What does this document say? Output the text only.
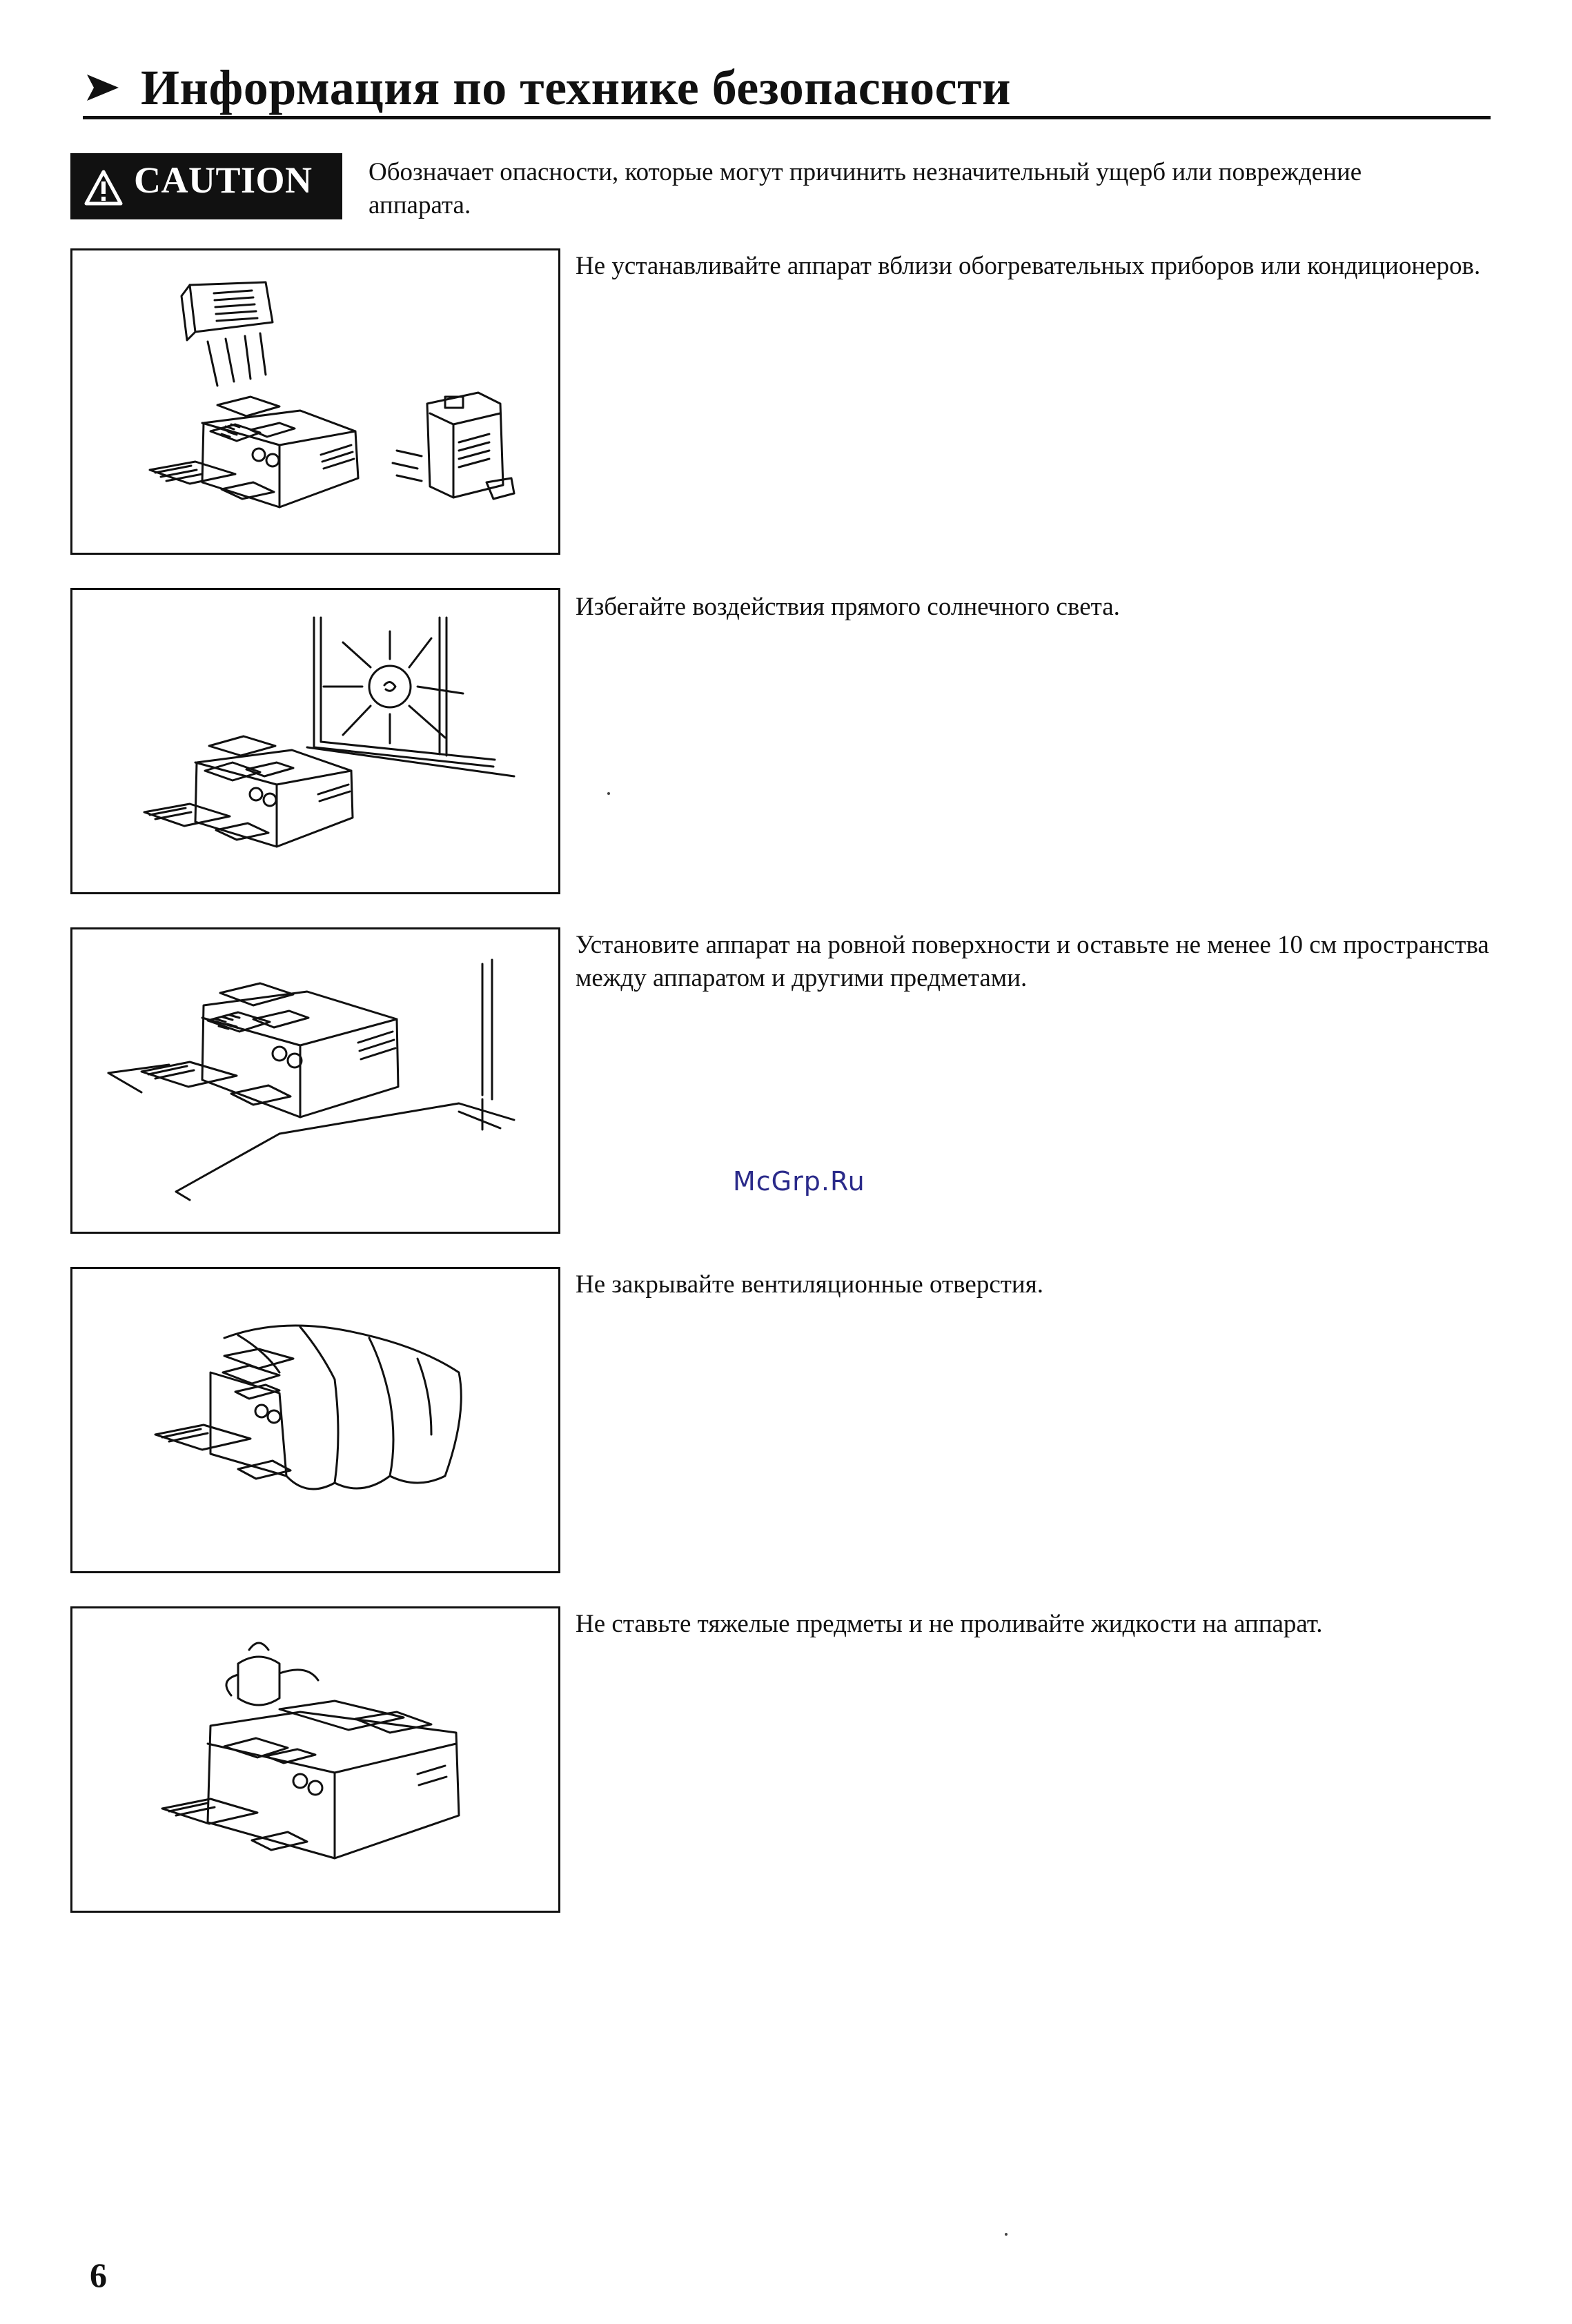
Информация по технике безопасности
CAUTION Обозначает опасности, которые могут причинить незначительный ущерб или повреждение аппарата.
Не устанавливайте аппарат вблизи обогревательных приборов или кондиционеров.
Избегайте воздействия прямого солнечного света.
Установите аппарат на ровной поверхности и оставьте не менее 10 см пространства между аппаратом и другими предметами.
Не закрывайте вентиляционные отверстия.
Не ставьте тяжелые предметы и не проливайте жидкости на аппарат.
McGrp.Ru
6
